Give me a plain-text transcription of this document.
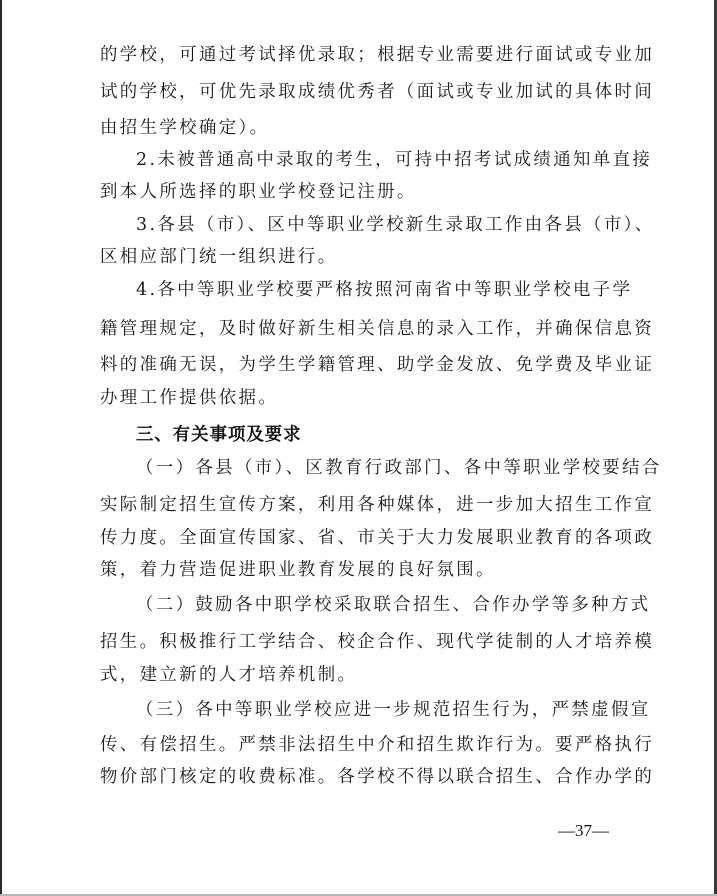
的学校，可通过考试择优录取；根据专业需要进行面试或专业加
试的学校，可优先录取成绩优秀者（面试或专业加试的具体时间
由招生学校确定）。
2.未被普通高中录取的考生，可持中招考试成绩通知单直接
到本人所选择的职业学校登记注册。
3.各县（市）、区中等职业学校新生录取工作由各县（市）、
区相应部门统一组织进行。
4.各中等职业学校要严格按照河南省中等职业学校电子学
籍管理规定，及时做好新生相关信息的录入工作，并确保信息资
料的准确无误，为学生学籍管理、助学金发放、免学费及毕业证
办理工作提供依据。
三、有关事项及要求
（一）各县（市）、区教育行政部门、各中等职业学校要结合
实际制定招生宣传方案，利用各种媒体，进一步加大招生工作宣
传力度。全面宣传国家、省、市关于大力发展职业教育的各项政
策，着力营造促进职业教育发展的良好氛围。
（二）鼓励各中职学校采取联合招生、合作办学等多种方式
招生。积极推行工学结合、校企合作、现代学徒制的人才培养模
式，建立新的人才培养机制。
（三）各中等职业学校应进一步规范招生行为，严禁虚假宣
传、有偿招生。严禁非法招生中介和招生欺诈行为。要严格执行
物价部门核定的收费标准。各学校不得以联合招生、合作办学的
—37—
